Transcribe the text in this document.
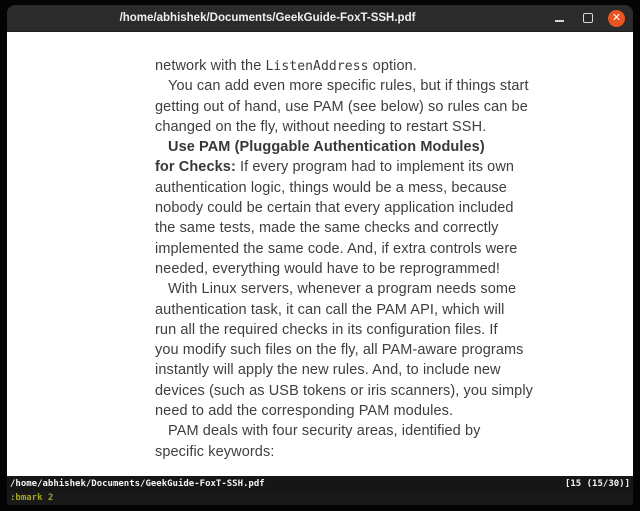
/home/abhishek/Documents/GeekGuide-FoxT-SSH.pdf	✕
network with the ListenAddress option.
You can add even more specific rules, but if things start
getting out of hand, use PAM (see below) so rules can be
changed on the fly, without needing to restart SSH.
Use PAM (Pluggable Authentication Modules)
for Checks: If every program had to implement its own
authentication logic, things would be a mess, because
nobody could be certain that every application included
the same tests, made the same checks and correctly
implemented the same code. And, if extra controls were
needed, everything would have to be reprogrammed!
With Linux servers, whenever a program needs some
authentication task, it can call the PAM API, which will
run all the required checks in its configuration files. If
you modify such files on the fly, all PAM-aware programs
instantly will apply the new rules. And, to include new
devices (such as USB tokens or iris scanners), you simply
need to add the corresponding PAM modules.
PAM deals with four security areas, identified by
specific keywords:
/home/abhishek/Documents/GeekGuide-FoxT-SSH.pdf	[15 (15/30)]
:bmark 2
